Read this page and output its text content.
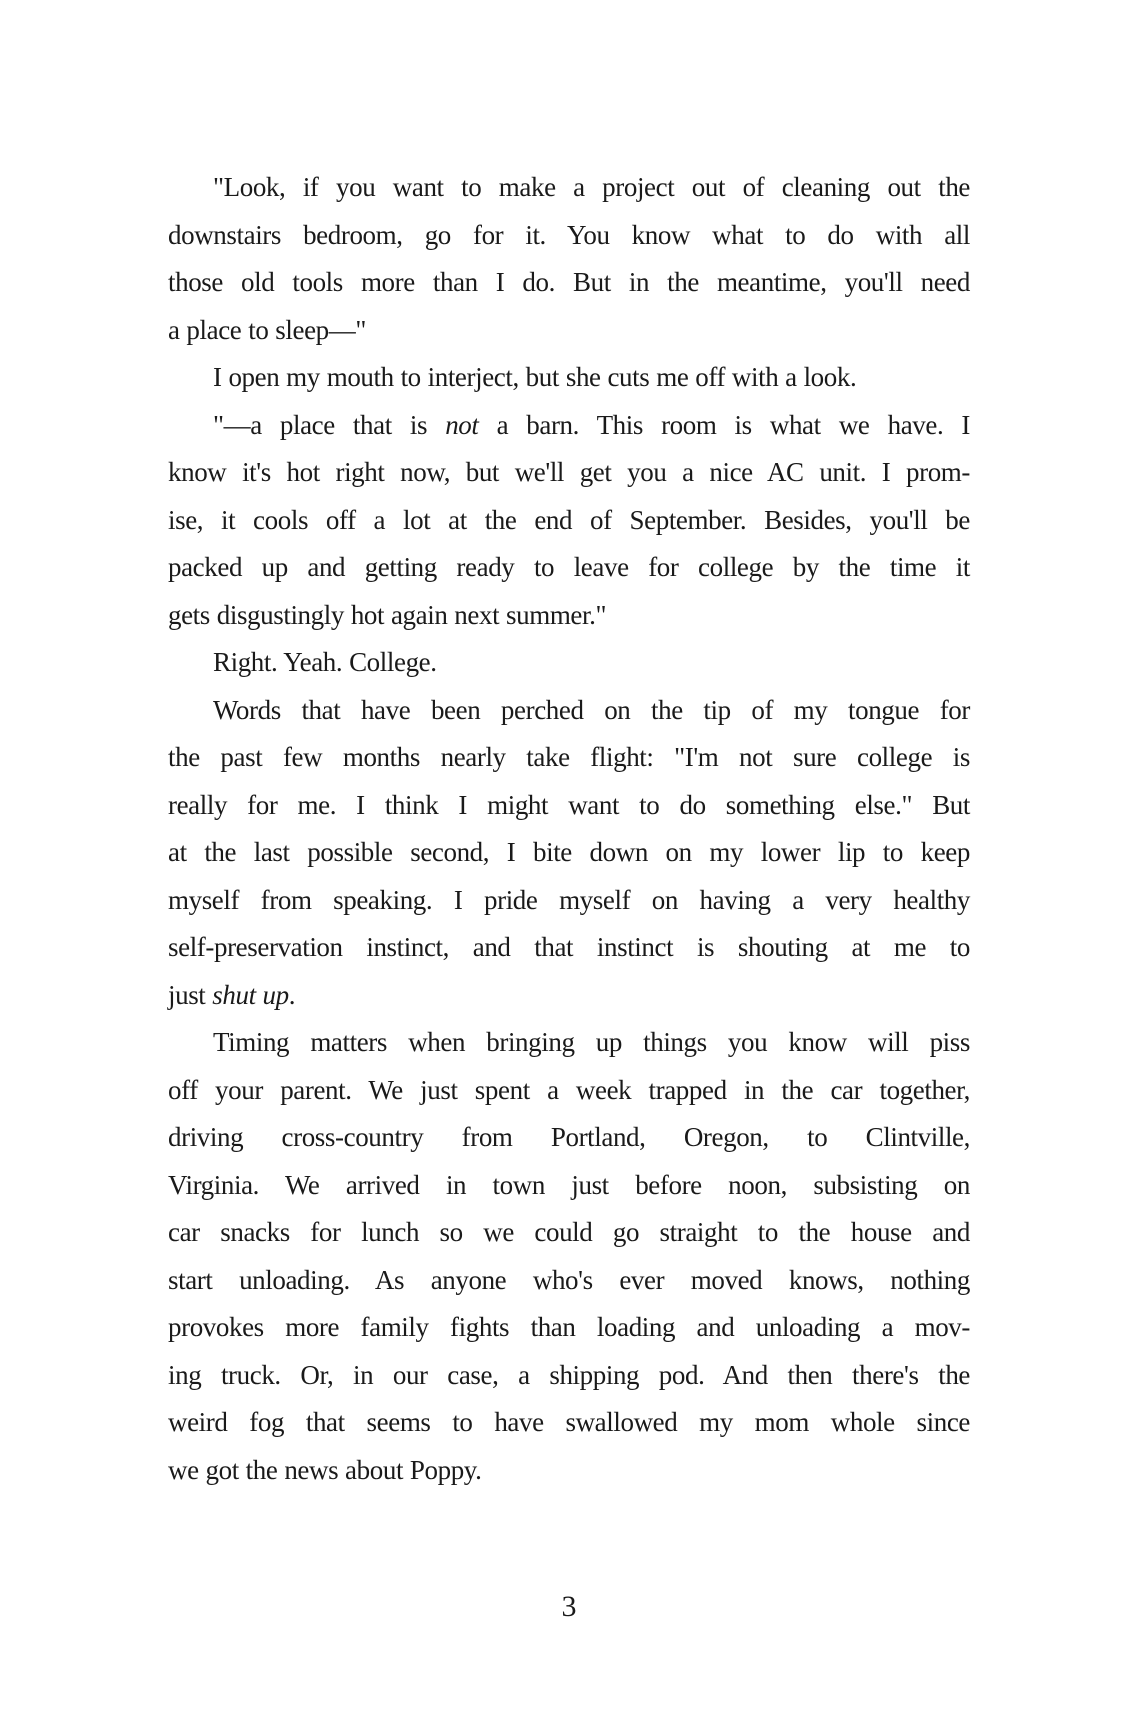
"Look, if you want to make a project out of cleaning out the
downstairs bedroom, go for it. You know what to do with all
those old tools more than I do. But in the meantime, you'll need
a place to sleep—"
I open my mouth to interject, but she cuts me off with a look.
"—a place that is not a barn. This room is what we have. I
know it's hot right now, but we'll get you a nice AC unit. I prom-
ise, it cools off a lot at the end of September. Besides, you'll be
packed up and getting ready to leave for college by the time it
gets disgustingly hot again next summer."
Right. Yeah. College.
Words that have been perched on the tip of my tongue for
the past few months nearly take flight: "I'm not sure college is
really for me. I think I might want to do something else." But
at the last possible second, I bite down on my lower lip to keep
myself from speaking. I pride myself on having a very healthy
self-preservation instinct, and that instinct is shouting at me to
just shut up.
Timing matters when bringing up things you know will piss
off your parent. We just spent a week trapped in the car together,
driving cross-country from Portland, Oregon, to Clintville,
Virginia. We arrived in town just before noon, subsisting on
car snacks for lunch so we could go straight to the house and
start unloading. As anyone who's ever moved knows, nothing
provokes more family fights than loading and unloading a mov-
ing truck. Or, in our case, a shipping pod. And then there's the
weird fog that seems to have swallowed my mom whole since
we got the news about Poppy.
3
